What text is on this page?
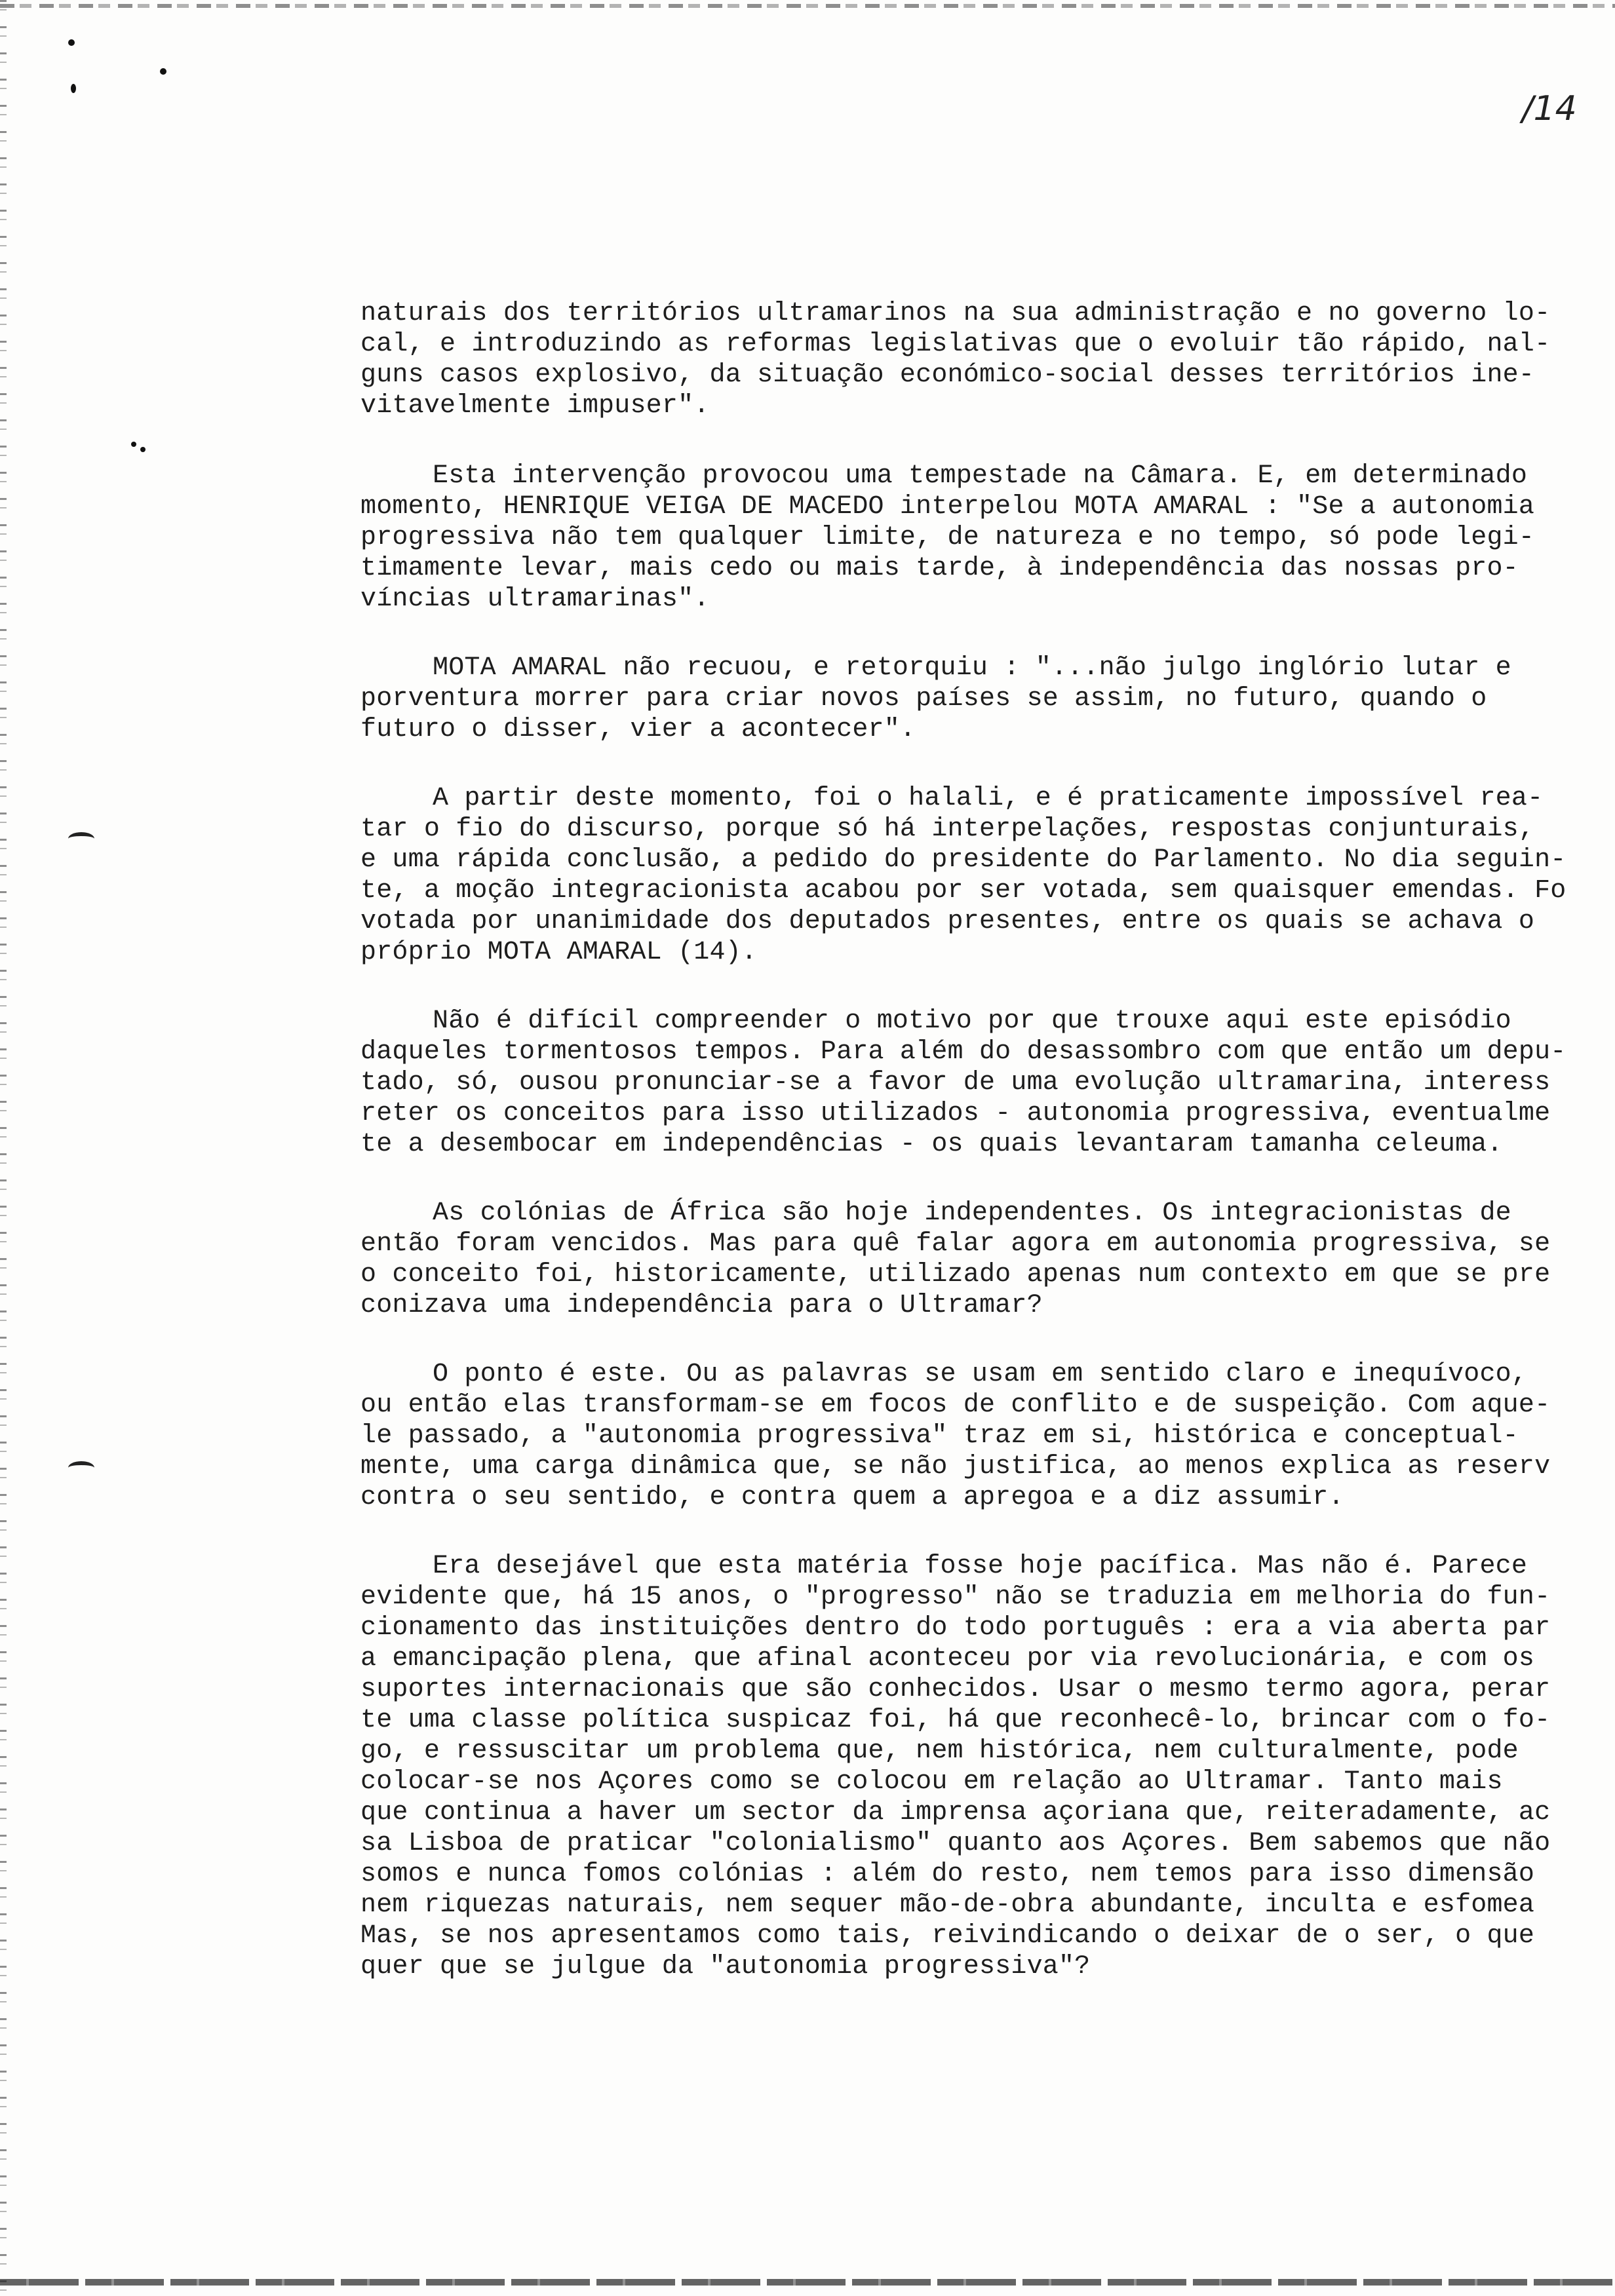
/14

naturais dos territórios ultramarinos na sua administração e no governo lo-
cal, e introduzindo as reformas legislativas que o evoluir tão rápido, nal-
guns casos explosivo, da situação económico-social desses territórios ine-
vitavelmente impuser".

Esta intervenção provocou uma tempestade na Câmara. E, em determinado
momento, HENRIQUE VEIGA DE MACEDO interpelou MOTA AMARAL : "Se a autonomia
progressiva não tem qualquer limite, de natureza e no tempo, só pode legi-
timamente levar, mais cedo ou mais tarde, à independência das nossas pro-
víncias ultramarinas".

MOTA AMARAL não recuou, e retorquiu : "...não julgo inglório lutar e
porventura morrer para criar novos países se assim, no futuro, quando o
futuro o disser, vier a acontecer".

A partir deste momento, foi o halali, e é praticamente impossível rea-
tar o fio do discurso, porque só há interpelações, respostas conjunturais,
e uma rápida conclusão, a pedido do presidente do Parlamento. No dia seguin-
te, a moção integracionista acabou por ser votada, sem quaisquer emendas. Fo
votada por unanimidade dos deputados presentes, entre os quais se achava o
próprio MOTA AMARAL (14).

Não é difícil compreender o motivo por que trouxe aqui este episódio
daqueles tormentosos tempos. Para além do desassombro com que então um depu-
tado, só, ousou pronunciar-se a favor de uma evolução ultramarina, interess
reter os conceitos para isso utilizados - autonomia progressiva, eventualme
te a desembocar em independências - os quais levantaram tamanha celeuma.

As colónias de África são hoje independentes. Os integracionistas de
então foram vencidos. Mas para quê falar agora em autonomia progressiva, se
o conceito foi, historicamente, utilizado apenas num contexto em que se pre
conizava uma independência para o Ultramar?

O ponto é este. Ou as palavras se usam em sentido claro e inequívoco,
ou então elas transformam-se em focos de conflito e de suspeição. Com aque-
le passado, a "autonomia progressiva" traz em si, histórica e conceptual-
mente, uma carga dinâmica que, se não justifica, ao menos explica as reserv
contra o seu sentido, e contra quem a apregoa e a diz assumir.

Era desejável que esta matéria fosse hoje pacífica. Mas não é. Parece
evidente que, há 15 anos, o "progresso" não se traduzia em melhoria do fun-
cionamento das instituições dentro do todo português : era a via aberta par
a emancipação plena, que afinal aconteceu por via revolucionária, e com os
suportes internacionais que são conhecidos. Usar o mesmo termo agora, perar
te uma classe política suspicaz foi, há que reconhecê-lo, brincar com o fo-
go, e ressuscitar um problema que, nem histórica, nem culturalmente, pode
colocar-se nos Açores como se colocou em relação ao Ultramar. Tanto mais
que continua a haver um sector da imprensa açoriana que, reiteradamente, ac
sa Lisboa de praticar "colonialismo" quanto aos Açores. Bem sabemos que não
somos e nunca fomos colónias : além do resto, nem temos para isso dimensão
nem riquezas naturais, nem sequer mão-de-obra abundante, inculta e esfomea
Mas, se nos apresentamos como tais, reivindicando o deixar de o ser, o que
quer que se julgue da "autonomia progressiva"?
